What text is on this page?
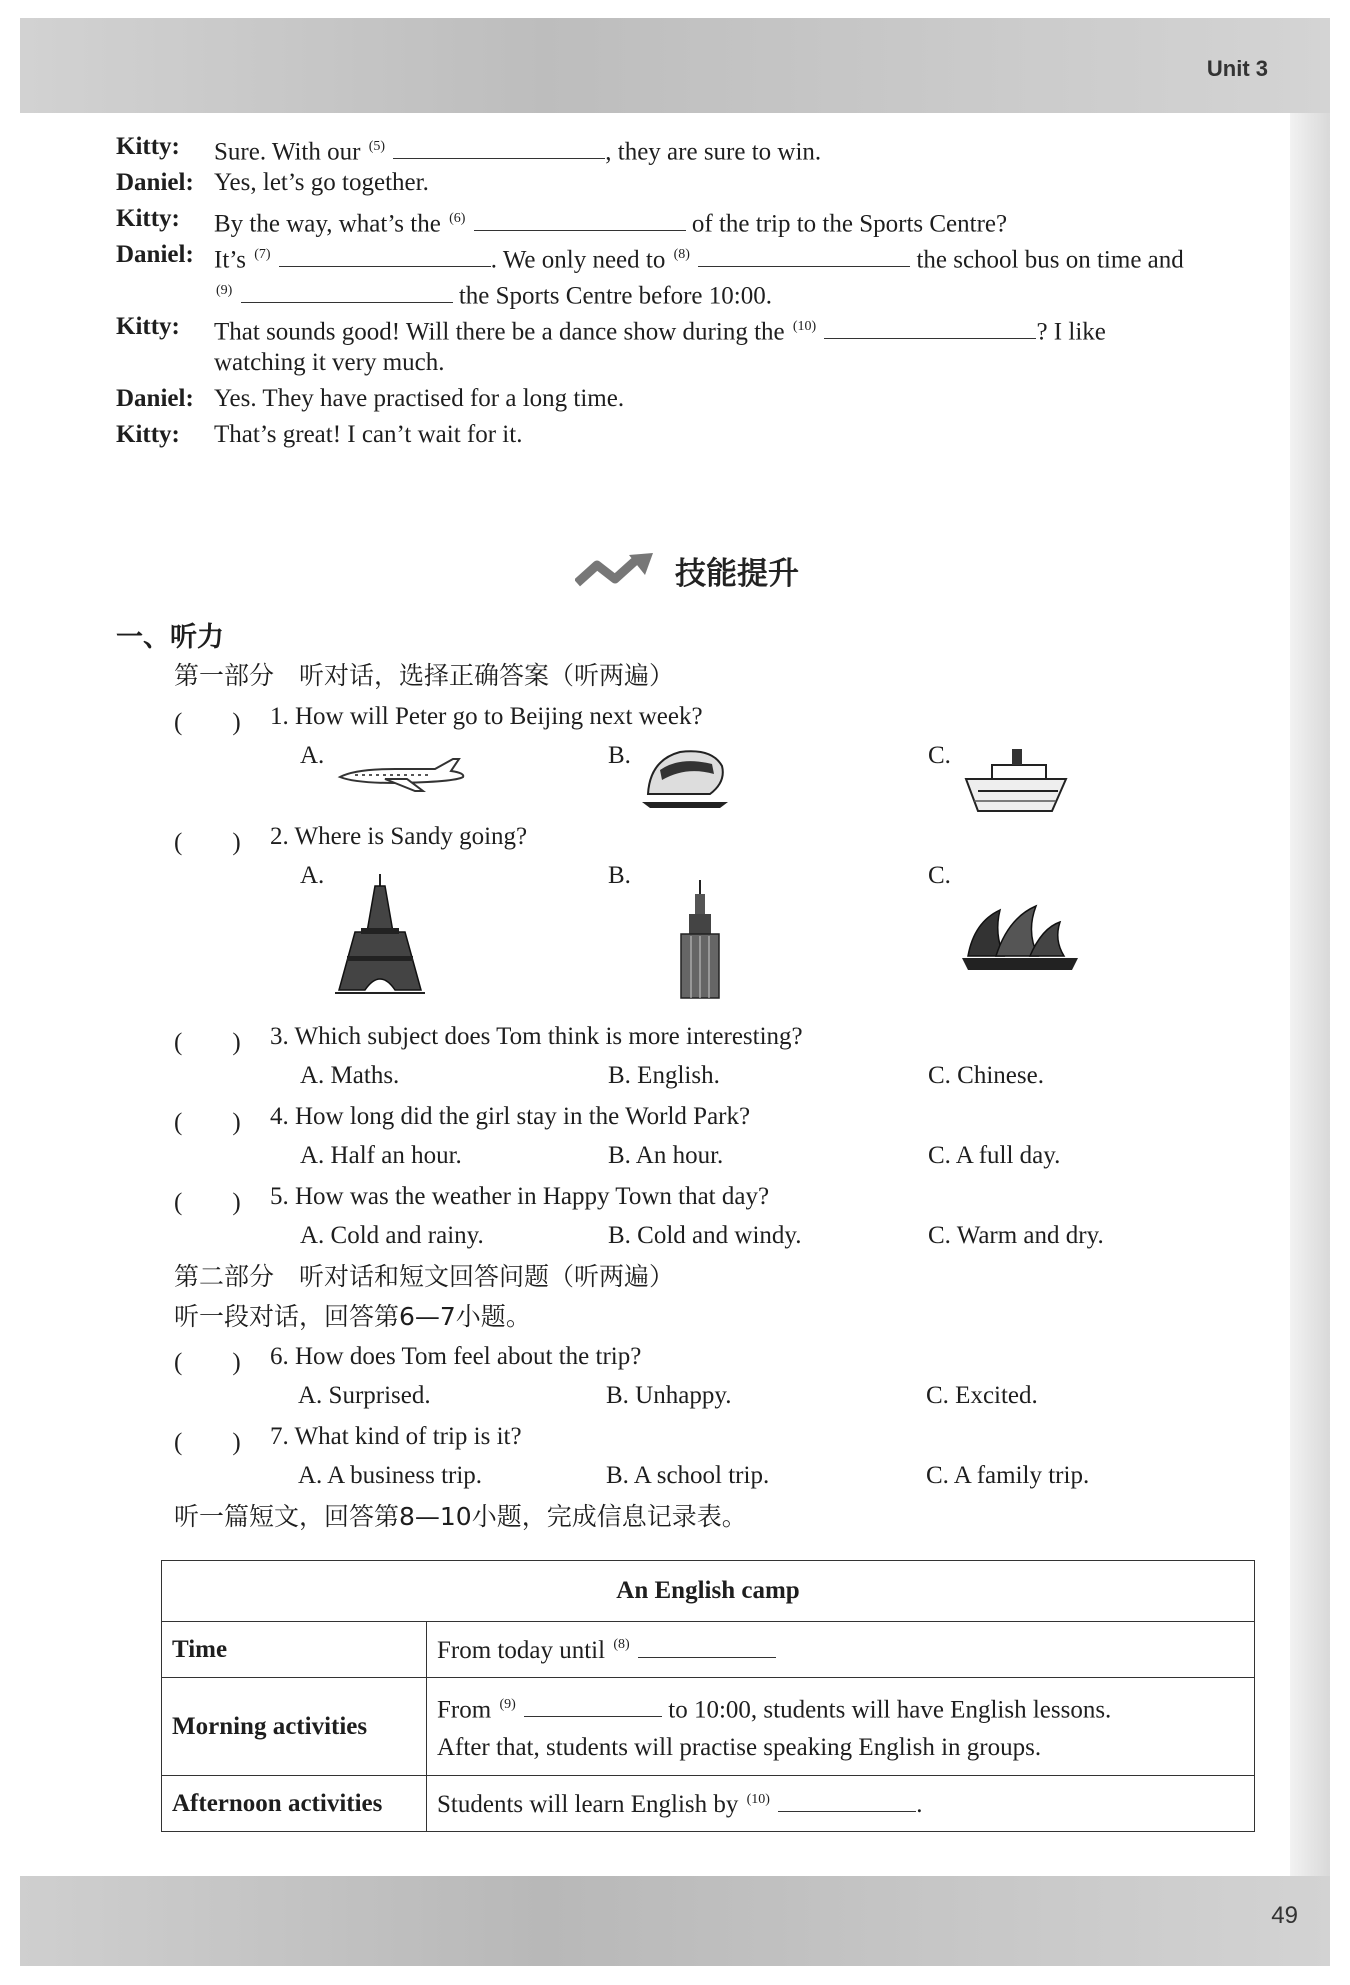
Unit 3
Kitty: Sure. With our $^{(5)}$	, they are sure to win.
Daniel: Yes, let’s go together.
Kitty: By the way, what’s the $^{(6)}$	of the trip to the Sports Centre?
Daniel: It’s $^{(7)}$	. We only need to $^{(8)}$	the school bus on time and
$^{(9)}$	the Sports Centre before 10:00.
Kitty: That sounds good! Will there be a dance show during the $^{(10)}$	? I like
watching it very much.
Daniel: Yes. They have practised for a long time.
Kitty: That’s great! I can’t wait for it.
技能提升
一、听力
第一部分　听对话，选择正确答案（听两遍）
(　　) 1. How will Peter go to Beijing next week?
A.	B.	C.
(　　) 2. Where is Sandy going?
A.	B.	C.
(　　) 3. Which subject does Tom think is more interesting?
A. Maths.	B. English.	C. Chinese.
(　　) 4. How long did the girl stay in the World Park?
A. Half an hour.	B. An hour.	C. A full day.
(　　) 5. How was the weather in Happy Town that day?
A. Cold and rainy.	B. Cold and windy.	C. Warm and dry.
第二部分　听对话和短文回答问题（听两遍）
听一段对话，回答第6—7小题。
(　　) 6. How does Tom feel about the trip?
A. Surprised.	B. Unhappy.	C. Excited.
(　　) 7. What kind of trip is it?
A. A business trip.	B. A school trip.	C. A family trip.
听一篇短文，回答第8—10小题，完成信息记录表。
An English camp	
Time	From today until $^{(8)}$
Morning activities	From $^{(9)}$ to 10:00, students will have English lessons.
After that, students will practise speaking English in groups.
Afternoon activities	Students will learn English by $^{(10)}$ .
49
